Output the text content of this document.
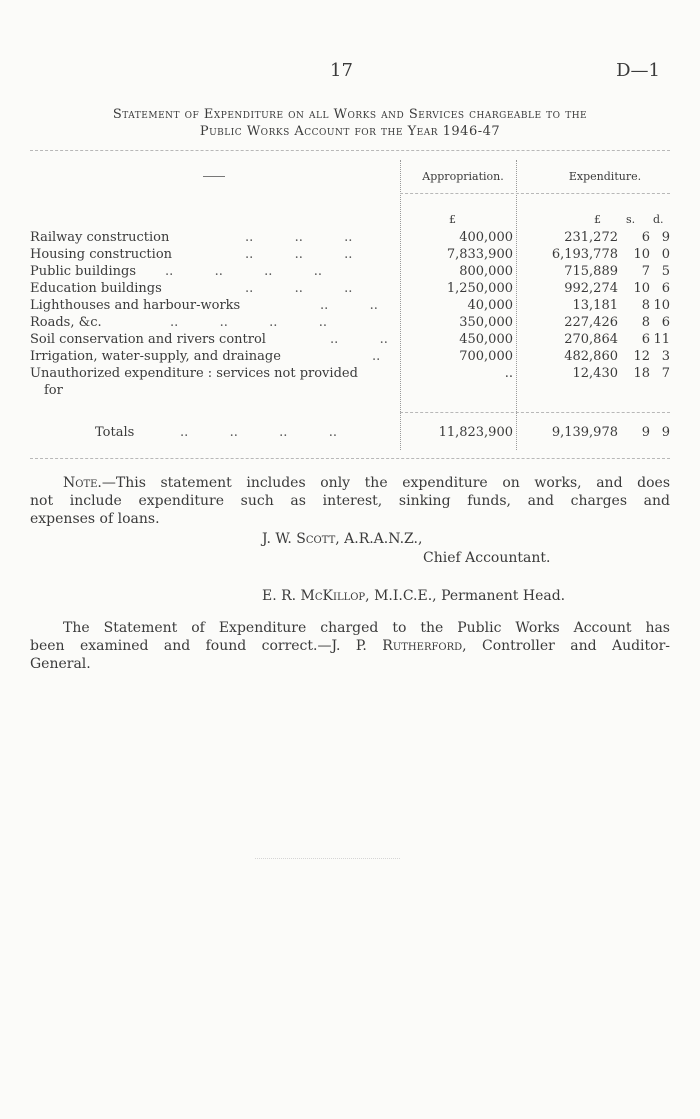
17	D—1
Statement of Expenditure on all Works and Services chargeable to the
Public Works Account for the Year 1946-47
Appropriation.	Expenditure.
£	£ s. d.
Railway construction	..          ..          ..	400,000	231,272 6 9
Housing construction	..          ..          ..	7,833,900	6,193,778 10 0
Public buildings ..          ..          ..          ..	800,000	715,889 7 5
Education buildings	..          ..          ..	1,250,000	992,274 10 6
Lighthouses and harbour-works	..          ..	40,000	13,181 8 10
Roads, &c.	..          ..          ..          ..	350,000	227,426 8 6
Soil conservation and rivers control	..          ..	450,000	270,864 6 11
Irrigation, water-supply, and drainage	..	700,000	482,860 12 3
Unauthorized expenditure : services not provided	..	12,430 18 7
for
Totals	..          ..          ..          ..	11,823,900	9,139,978 9 9
Note.—This statement includes only the expenditure on works, and does
not include expenditure such as interest, sinking funds, and charges and
expenses of loans.
J. W. Scott, A.R.A.N.Z.,
Chief Accountant.
E. R. McKillop, M.I.C.E., Permanent Head.
The Statement of Expenditure charged to the Public Works Account has
been examined and found correct.—J. P. Rutherford, Controller and Auditor-
General.
